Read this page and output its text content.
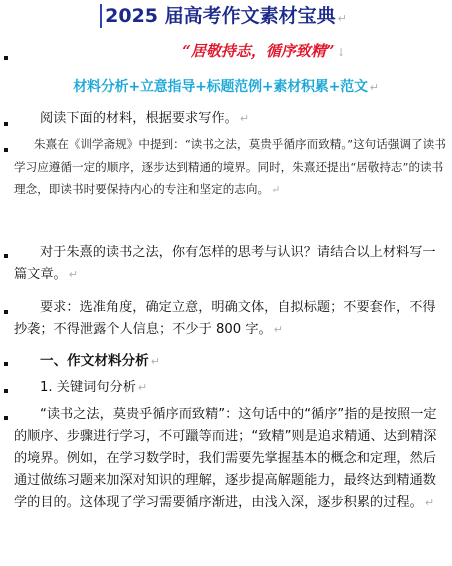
2025 届高考作文素材宝典 ↵
“居敬持志，循序致精” ↓
材料分析+立意指导+标题范例+素材积累+范文 ↵
阅读下面的材料，根据要求写作。 ↵
朱熹在《训学斋规》中提到：“读书之法，莫贵乎循序而致精。”这句话强调了读书学习应遵循一定的顺序，逐步达到精通的境界。同时，朱熹还提出“居敬持志”的读书理念，即读书时要保持内心的专注和坚定的志向。 ↵
对于朱熹的读书之法，你有怎样的思考与认识？请结合以上材料写一篇文章。 ↵
要求：选准角度，确定立意，明确文体，自拟标题；不要套作，不得抄袭；不得泄露个人信息；不少于 800 字。 ↵
一、作文材料分析 ↵
1. 关键词句分析 ↵
“读书之法，莫贵乎循序而致精”：这句话中的“循序”指的是按照一定的顺序、步骤进行学习，不可躐等而进；“致精”则是追求精通、达到精深的境界。例如，在学习数学时，我们需要先掌握基本的概念和定理，然后通过做练习题来加深对知识的理解，逐步提高解题能力，最终达到精通数学的目的。这体现了学习需要循序渐进，由浅入深，逐步积累的过程。 ↵
